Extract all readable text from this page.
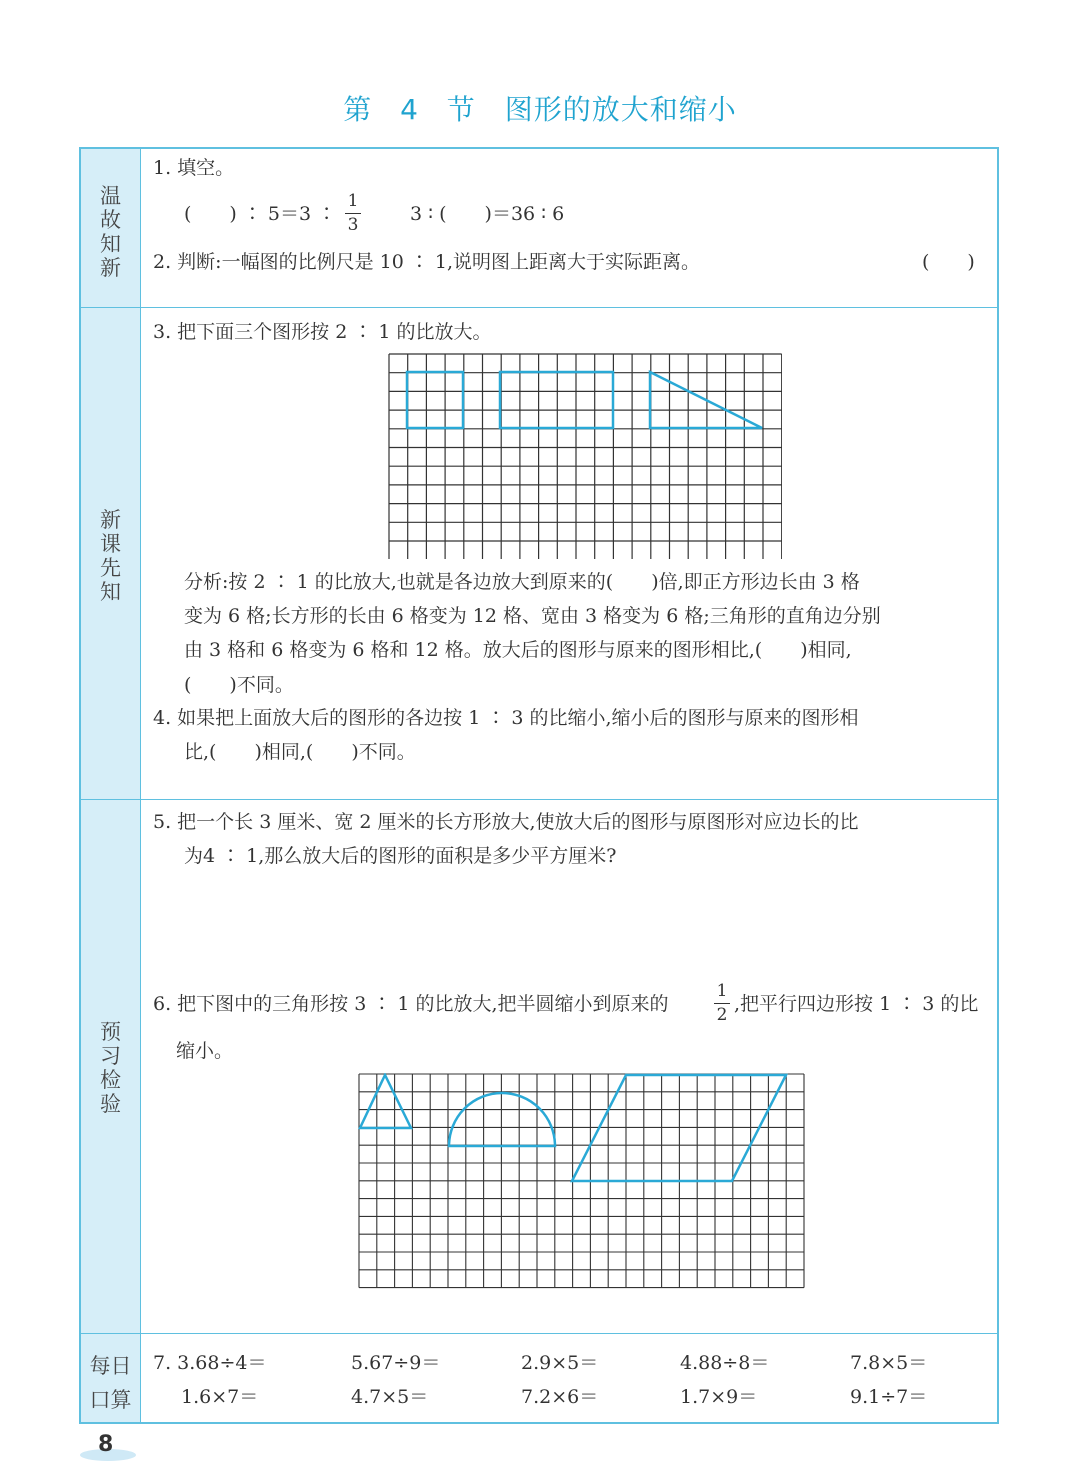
第 4 节　图形的放大和缩小
温
故
知
新
新
课
先
知
预
习
检
验
每日
口算
1. 填空。
(　　) ∶ 5＝3 ∶
1
3	3 ∶ (　　)＝36 ∶ 6
2. 判断:一幅图的比例尺是 10 ∶ 1,说明图上距离大于实际距离。	(　　)
3. 把下面三个图形按 2 ∶ 1 的比放大。
分析:按 2 ∶ 1 的比放大,也就是各边放大到原来的(　　)倍,即正方形边长由 3 格
变为 6 格;长方形的长由 6 格变为 12 格、宽由 3 格变为 6 格;三角形的直角边分别
由 3 格和 6 格变为 6 格和 12 格。放大后的图形与原来的图形相比,(　　)相同,
(　　)不同。
4. 如果把上面放大后的图形的各边按 1 ∶ 3 的比缩小,缩小后的图形与原来的图形相
比,(　　)相同,(　　)不同。
5. 把一个长 3 厘米、宽 2 厘米的长方形放大,使放大后的图形与原图形对应边长的比
为4 ∶ 1,那么放大后的图形的面积是多少平方厘米?
6. 把下图中的三角形按 3 ∶ 1 的比放大,把半圆缩小到原来的
1
2 ,把平行四边形按 1 ∶ 3 的比
缩小。
7. 3.68÷4＝	5.67÷9＝	2.9×5＝	4.88÷8＝	7.8×5＝
1.6×7＝	4.7×5＝	7.2×6＝	1.7×9＝	9.1÷7＝
8
